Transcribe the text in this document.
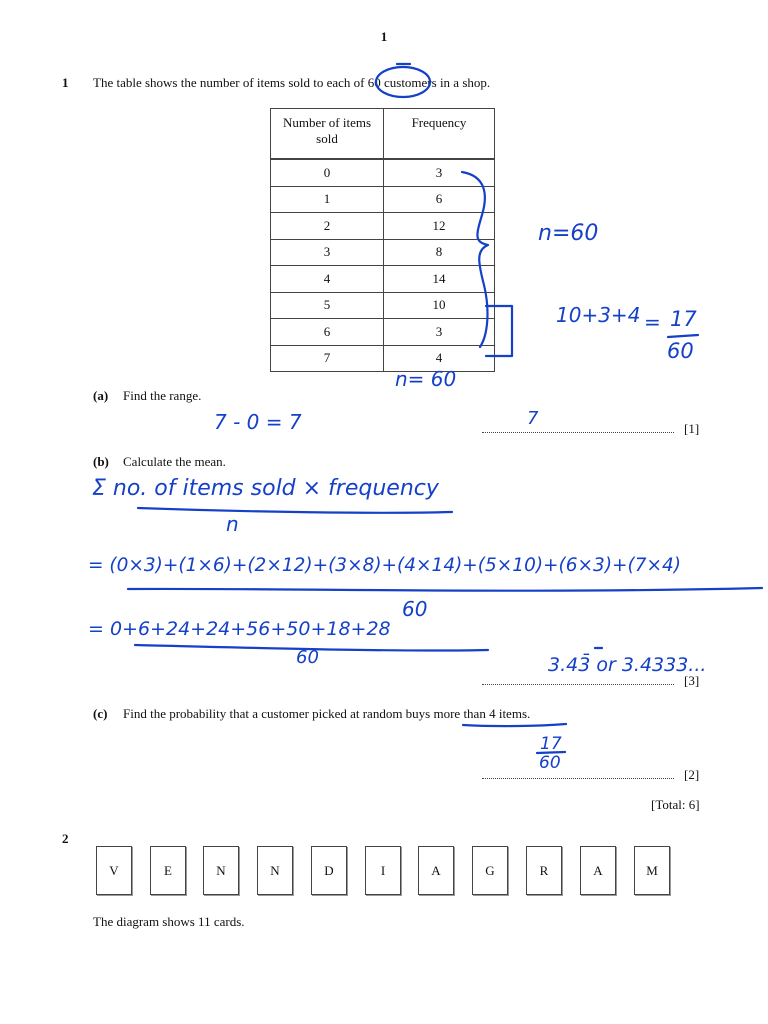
1
1 The table shows the number of items sold to each of 60 customers in a shop.
Number of items sold	Frequency
0	3
1	6
2	12
3	8
4	14
5	10
6	3
7	4
(a) Find the range.
[1]
(b) Calculate the mean.
[3]
(c) Find the probability that a customer picked at random buys more than 4 items.
[2]
[Total: 6]
2
V	E	N	N	D	I	A	G	R	A	M
The diagram shows 11 cards.
n=60
n= 60
10+3+4 = 17
60
7 - 0 = 7	7
Σ no. of items sold × frequency
n
= (0×3)+(1×6)+(2×12)+(3×8)+(4×14)+(5×10)+(6×3)+(7×4)
60
= 0+6+24+24+56+50+18+28
60	3.43̄ or 3.4333...
17
60
